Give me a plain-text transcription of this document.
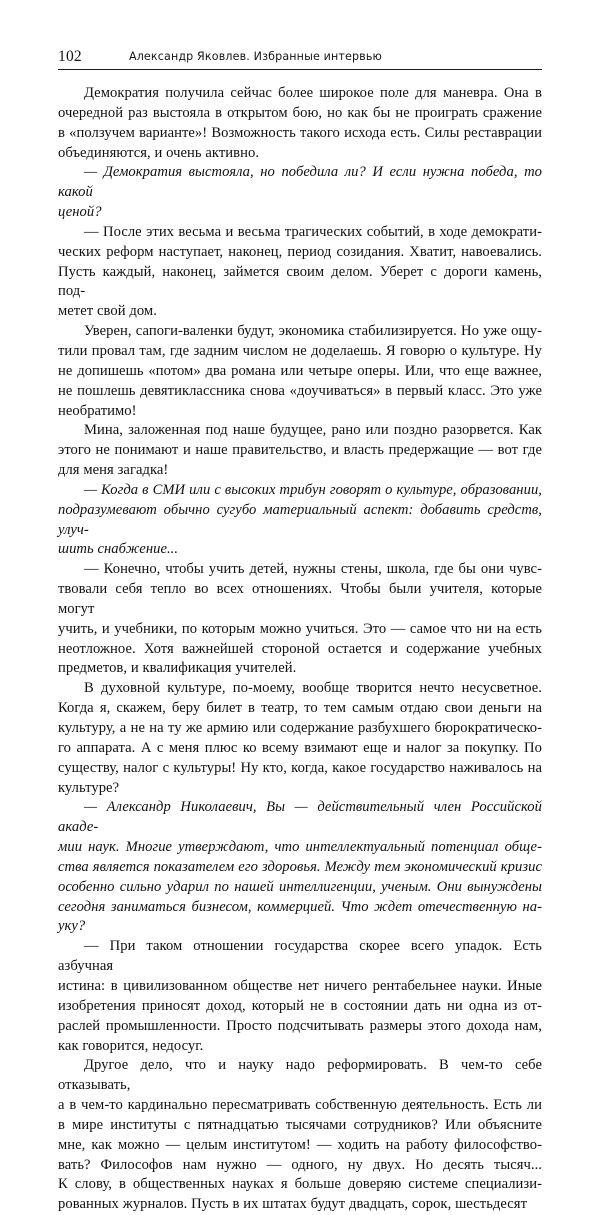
102	Александр Яковлев. Избранные интервью

Демократия получила сейчас более широкое поле для маневра. Она в
очередной раз выстояла в открытом бою, но как бы не проиграть сражение
в «ползучем варианте»! Возможность такого исхода есть. Силы реставрации
объединяются, и очень активно.

— Демократия выстояла, но победила ли? И если нужна победа, то какой
ценой?

— После этих весьма и весьма трагических событий, в ходе демократи-
ческих реформ наступает, наконец, период созидания. Хватит, навоевались.
Пусть каждый, наконец, займется своим делом. Уберет с дороги камень, под-
метет свой дом.

Уверен, сапоги-валенки будут, экономика стабилизируется. Но уже ощу-
тили провал там, где задним числом не доделаешь. Я говорю о культуре. Ну
не допишешь «потом» два романа или четыре оперы. Или, что еще важнее,
не пошлешь девятиклассника снова «доучиваться» в первый класс. Это уже
необратимо!

Мина, заложенная под наше будущее, рано или поздно разорвется. Как
этого не понимают и наше правительство, и власть предержащие — вот где
для меня загадка!

— Когда в СМИ или с высоких трибун говорят о культуре, образовании,
подразумевают обычно сугубо материальный аспект: добавить средств, улуч-
шить снабжение...

— Конечно, чтобы учить детей, нужны стены, школа, где бы они чувс-
твовали себя тепло во всех отношениях. Чтобы были учителя, которые могут
учить, и учебники, по которым можно учиться. Это — самое что ни на есть
неотложное. Хотя важнейшей стороной остается и содержание учебных
предметов, и квалификация учителей.

В духовной культуре, по-моему, вообще творится нечто несусветное.
Когда я, скажем, беру билет в театр, то тем самым отдаю свои деньги на
культуру, а не на ту же армию или содержание разбухшего бюрократическо-
го аппарата. А с меня плюс ко всему взимают еще и налог за покупку. По
существу, налог с культуры! Ну кто, когда, какое государство наживалось на
культуре?

— Александр Николаевич, Вы — действительный член Российской акаде-
мии наук. Многие утверждают, что интеллектуальный потенциал обще-
ства является показателем его здоровья. Между тем экономический кризис
особенно сильно ударил по нашей интеллигенции, ученым. Они вынуждены
сегодня заниматься бизнесом, коммерцией. Что ждет отечественную на-
уку?

— При таком отношении государства скорее всего упадок. Есть азбучная
истина: в цивилизованном обществе нет ничего рентабельнее науки. Иные
изобретения приносят доход, который не в состоянии дать ни одна из от-
раслей промышленности. Просто подсчитывать размеры этого дохода нам,
как говорится, недосуг.

Другое дело, что и науку надо реформировать. В чем-то себе отказывать,
а в чем-то кардинально пересматривать собственную деятельность. Есть ли
в мире институты с пятнадцатью тысячами сотрудников? Или объясните
мне, как можно — целым институтом! — ходить на работу философство-
вать? Философов нам нужно — одного, ну двух. Но десять тысяч...
К слову, в общественных науках я больше доверяю системе специализи-
рованных журналов. Пусть в их штатах будут двадцать, сорок, шестьдесят
